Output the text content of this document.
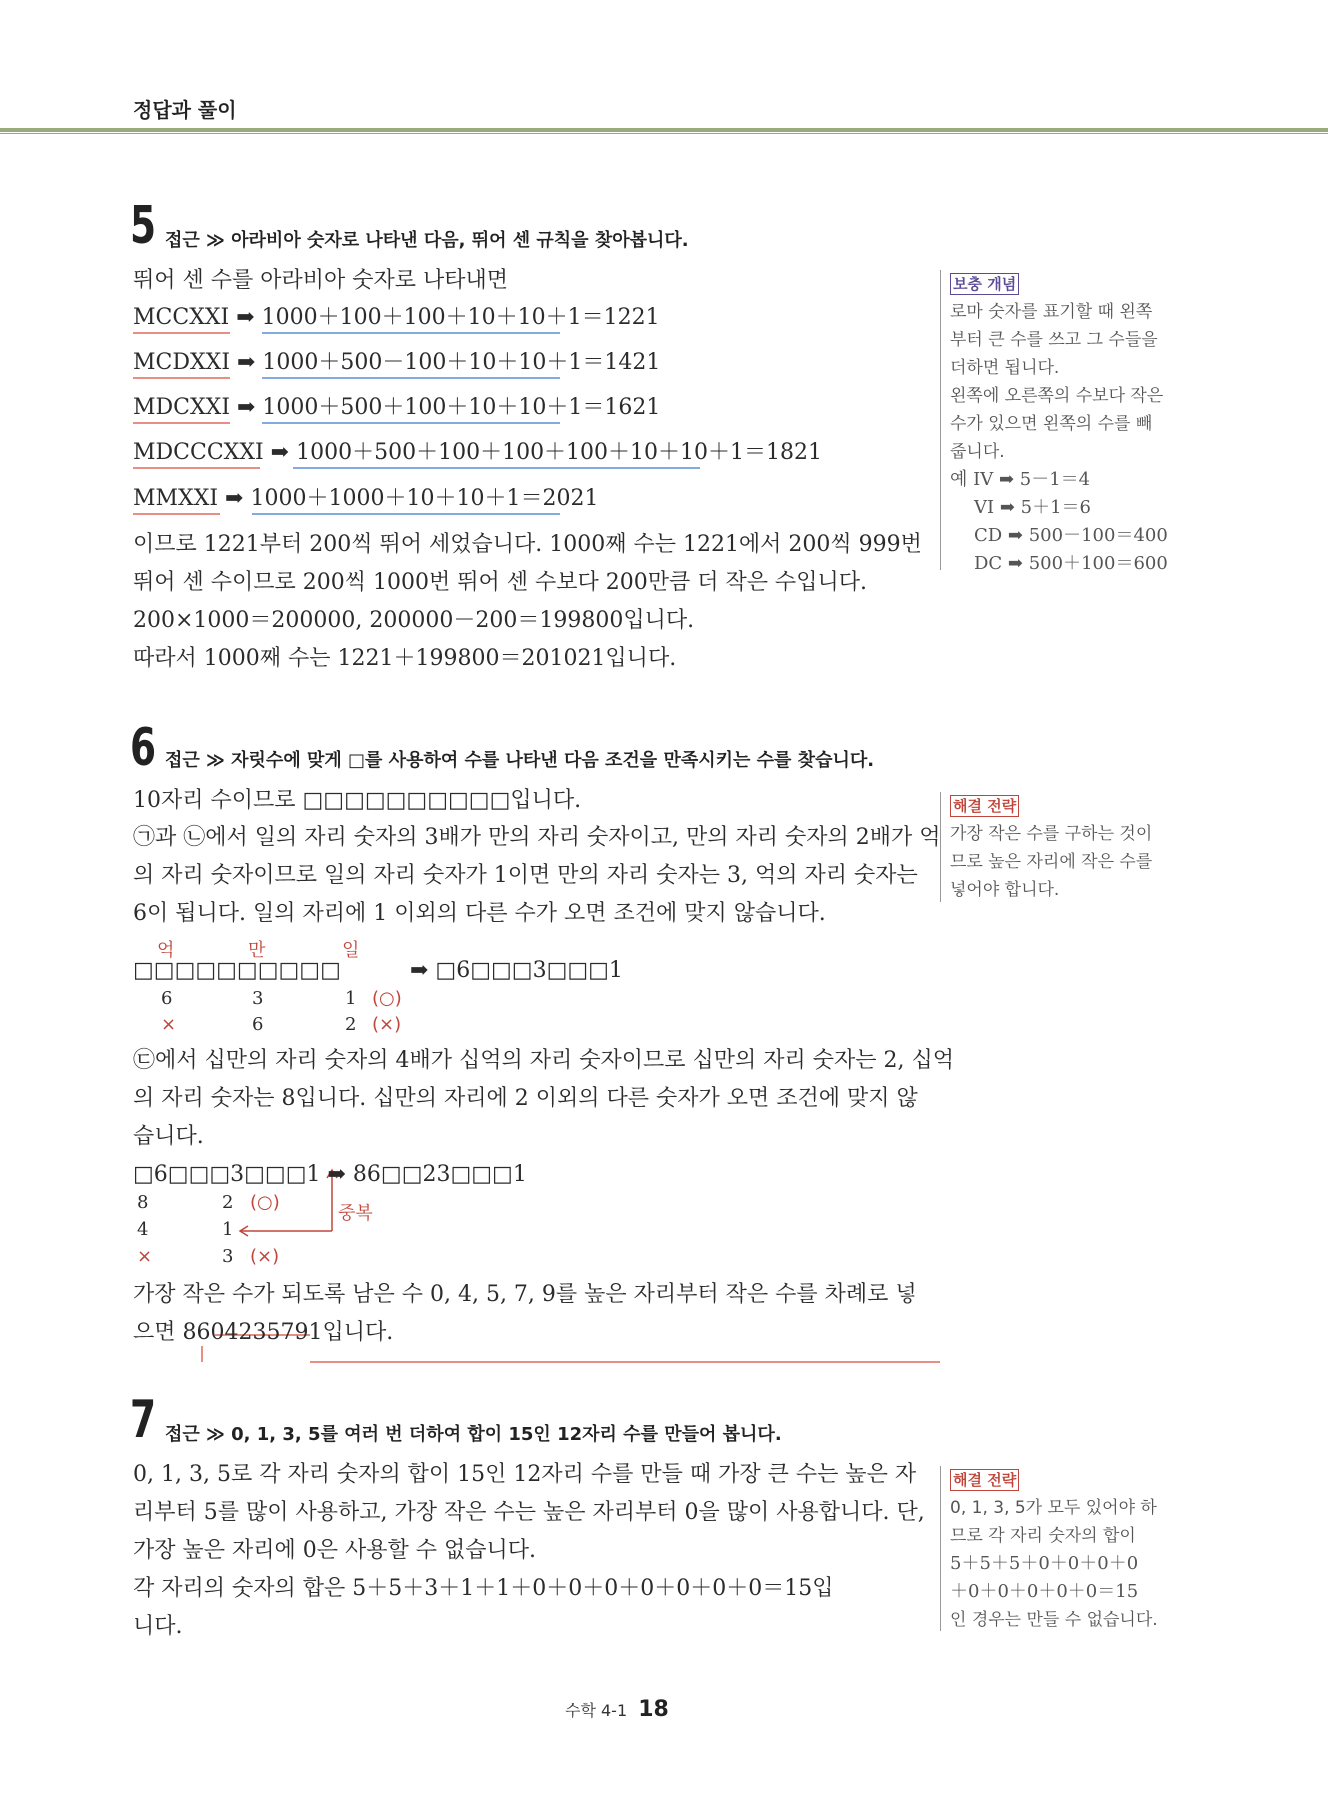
정답과 풀이
5 접근 ≫ 아라비아 숫자로 나타낸 다음, 뛰어 센 규칙을 찾아봅니다.
뛰어 센 수를 아라비아 숫자로 나타내면
MCCXXI ➡ 1000＋100＋100＋10＋10＋1＝1221
MCDXXI ➡ 1000＋500－100＋10＋10＋1＝1421
MDCXXI ➡ 1000＋500＋100＋10＋10＋1＝1621
MDCCCXXI ➡ 1000＋500＋100＋100＋100＋10＋10＋1＝1821
MMXXI ➡ 1000＋1000＋10＋10＋1＝2021
이므로 1221부터 200씩 뛰어 세었습니다. 1000째 수는 1221에서 200씩 999번
뛰어 센 수이므로 200씩 1000번 뛰어 센 수보다 200만큼 더 작은 수입니다.
200×1000＝200000, 200000－200＝199800입니다.
따라서 1000째 수는 1221＋199800＝201021입니다.
보충 개념
로마 숫자를 표기할 때 왼쪽
부터 큰 수를 쓰고 그 수들을
더하면 됩니다.
왼쪽에 오른쪽의 수보다 작은
수가 있으면 왼쪽의 수를 빼
줍니다.
예 IV ➡ 5－1＝4
VI ➡ 5＋1＝6
CD ➡ 500－100＝400
DC ➡ 500＋100＝600
6 접근 ≫ 자릿수에 맞게 □를 사용하여 수를 나타낸 다음 조건을 만족시키는 수를 찾습니다.
10자리 수이므로 □□□□□□□□□□입니다.
㉠과 ㉡에서 일의 자리 숫자의 3배가 만의 자리 숫자이고, 만의 자리 숫자의 2배가 억
의 자리 숫자이므로 일의 자리 숫자가 1이면 만의 자리 숫자는 3, 억의 자리 숫자는
6이 됩니다. 일의 자리에 1 이외의 다른 수가 오면 조건에 맞지 않습니다.
억	만	일
□□□□□□□□□□	➡ □6□□□3□□□1
6	3	1 (○)
×	6	2 (×)
㉢에서 십만의 자리 숫자의 4배가 십억의 자리 숫자이므로 십만의 자리 숫자는 2, 십억
의 자리 숫자는 8입니다. 십만의 자리에 2 이외의 다른 숫자가 오면 조건에 맞지 않
습니다.
□6□□□3□□□1 ➡ 86□□23□□□1
8	2 (○)
4	1
×	3 (×)
중복
가장 작은 수가 되도록 남은 수 0, 4, 5, 7, 9를 높은 자리부터 작은 수를 차례로 넣
으면 8604235791입니다.
해결 전략
가장 작은 수를 구하는 것이
므로 높은 자리에 작은 수를
넣어야 합니다.
7 접근 ≫ 0, 1, 3, 5를 여러 번 더하여 합이 15인 12자리 수를 만들어 봅니다.
0, 1, 3, 5로 각 자리 숫자의 합이 15인 12자리 수를 만들 때 가장 큰 수는 높은 자
리부터 5를 많이 사용하고, 가장 작은 수는 높은 자리부터 0을 많이 사용합니다. 단,
가장 높은 자리에 0은 사용할 수 없습니다.
각 자리의 숫자의 합은 5＋5＋3＋1＋1＋0＋0＋0＋0＋0＋0＋0＝15입
니다.
해결 전략
0, 1, 3, 5가 모두 있어야 하
므로 각 자리 숫자의 합이
5＋5＋5＋0＋0＋0＋0
＋0＋0＋0＋0＋0＝15
인 경우는 만들 수 없습니다.
수학 4-1 18
